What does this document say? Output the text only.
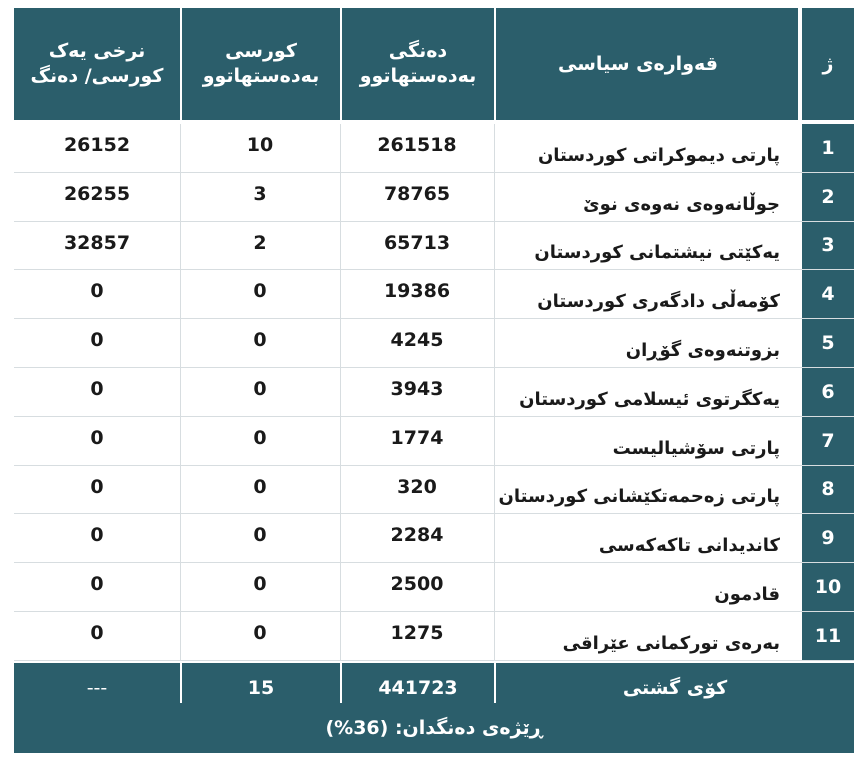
ژ
قەوارەی سیاسی
دەنگی
بەدەستهاتوو
کورسی
بەدەستهاتوو
نرخی یەک
کورسی/ دەنگ
1
پارتی دیموکراتی کوردستان
261518
10
26152
2
جوڵانەوەی نەوەی نوێ
78765
3
26255
3
یەکێتی نیشتمانی کوردستان
65713
2
32857
4
کۆمەڵی دادگەری کوردستان
19386
0
0
5
بزوتنەوەی گۆڕان
4245
0
0
6
یەکگرتوی ئیسلامی کوردستان
3943
0
0
7
پارتی سۆشیالیست
1774
0
0
8
پارتی زەحمەتکێشانی کوردستان
320
0
0
9
کاندیدانی تاکەکەسی
2284
0
0
10
قادمون
2500
0
0
11
بەرەی تورکمانی عێراقی
1275
0
0
کۆی گشتی
441723
15
---
ڕێژەی دەنگدان: (36%)
